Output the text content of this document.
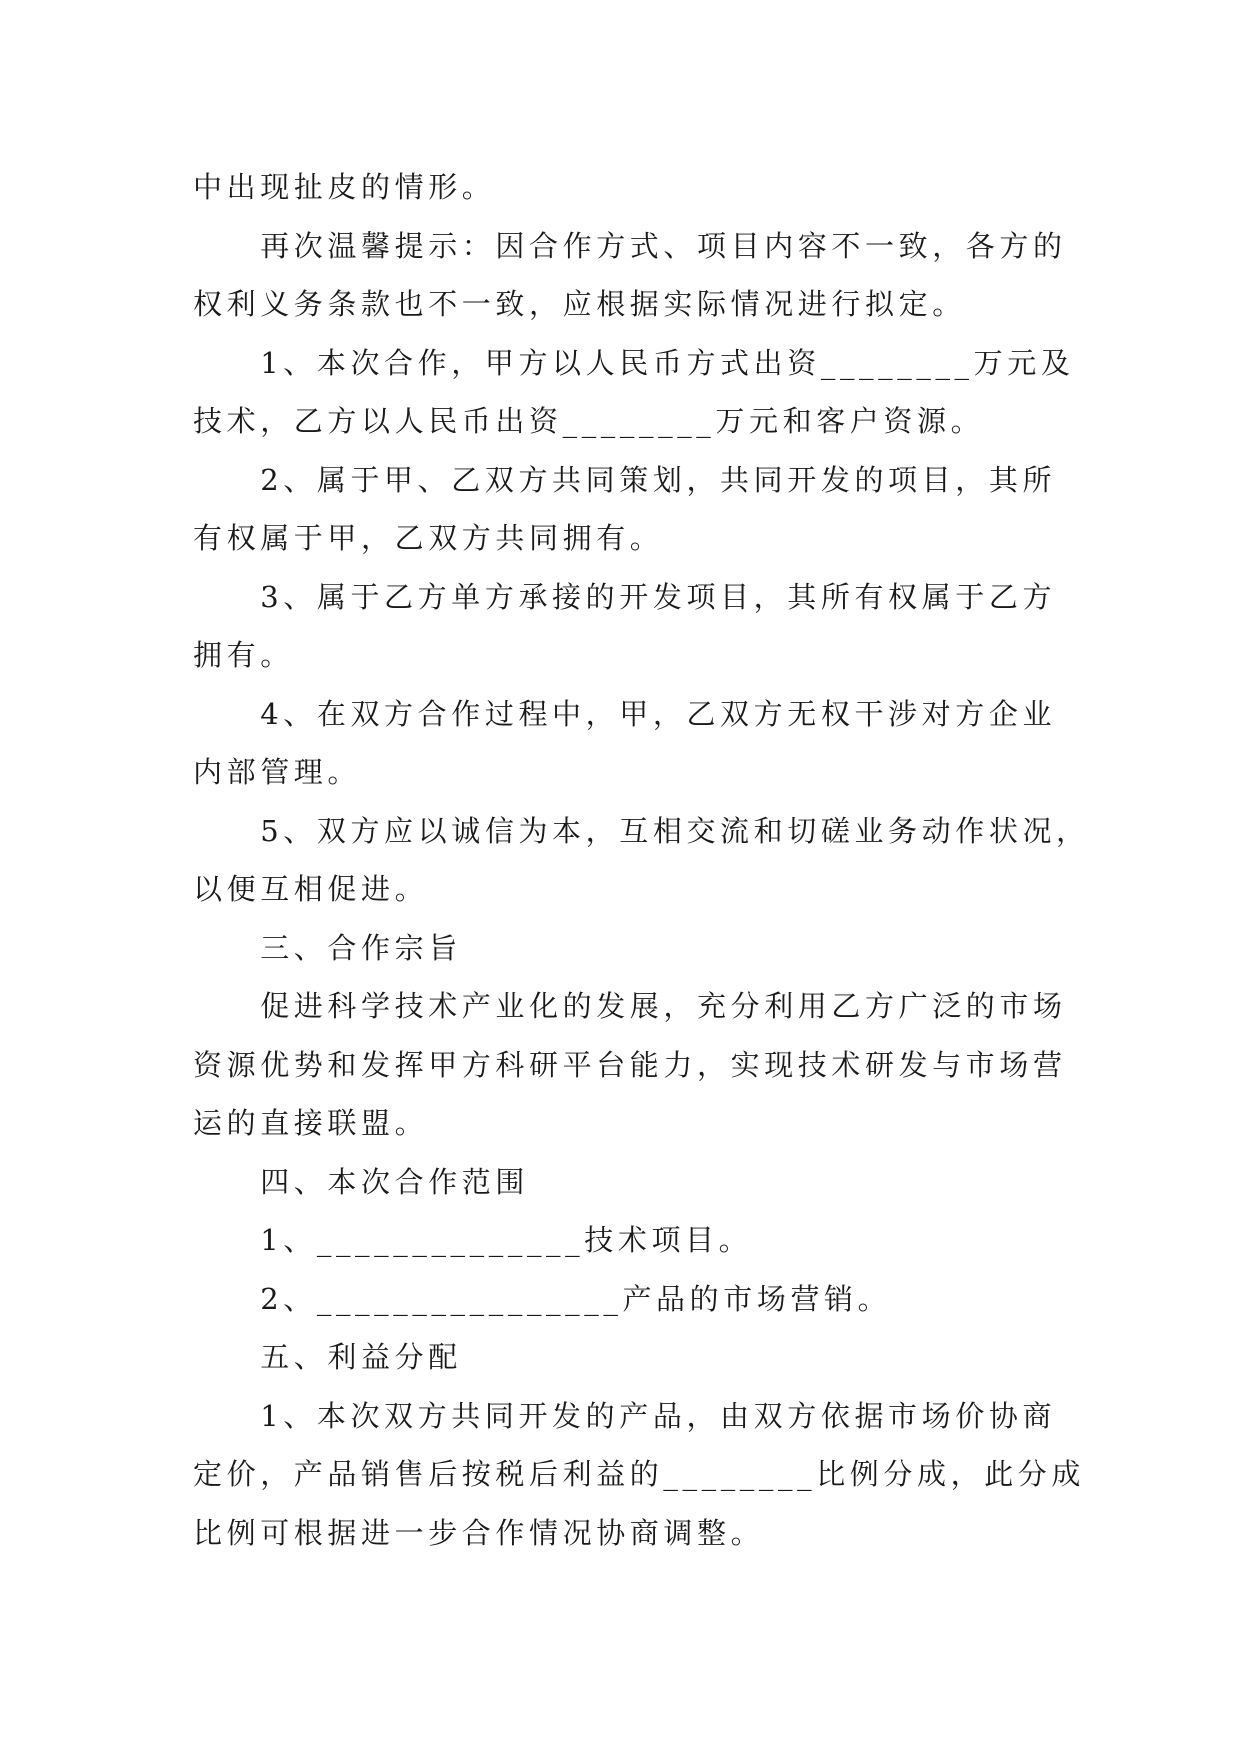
中出现扯皮的情形。

　　再次温馨提示：因合作方式、项目内容不一致，各方的

权利义务条款也不一致，应根据实际情况进行拟定。

　　1、本次合作，甲方以人民币方式出资________万元及

技术，乙方以人民币出资________万元和客户资源。

　　2、属于甲、乙双方共同策划，共同开发的项目，其所

有权属于甲，乙双方共同拥有。

　　3、属于乙方单方承接的开发项目，其所有权属于乙方

拥有。

　　4、在双方合作过程中，甲，乙双方无权干涉对方企业

内部管理。

　　5、双方应以诚信为本，互相交流和切磋业务动作状况，

以便互相促进。

　　三、合作宗旨

　　促进科学技术产业化的发展，充分利用乙方广泛的市场

资源优势和发挥甲方科研平台能力，实现技术研发与市场营

运的直接联盟。

　　四、本次合作范围

　　1、______________技术项目。

　　2、________________产品的市场营销。

　　五、利益分配

　　1、本次双方共同开发的产品，由双方依据市场价协商

定价，产品销售后按税后利益的________比例分成，此分成

比例可根据进一步合作情况协商调整。
